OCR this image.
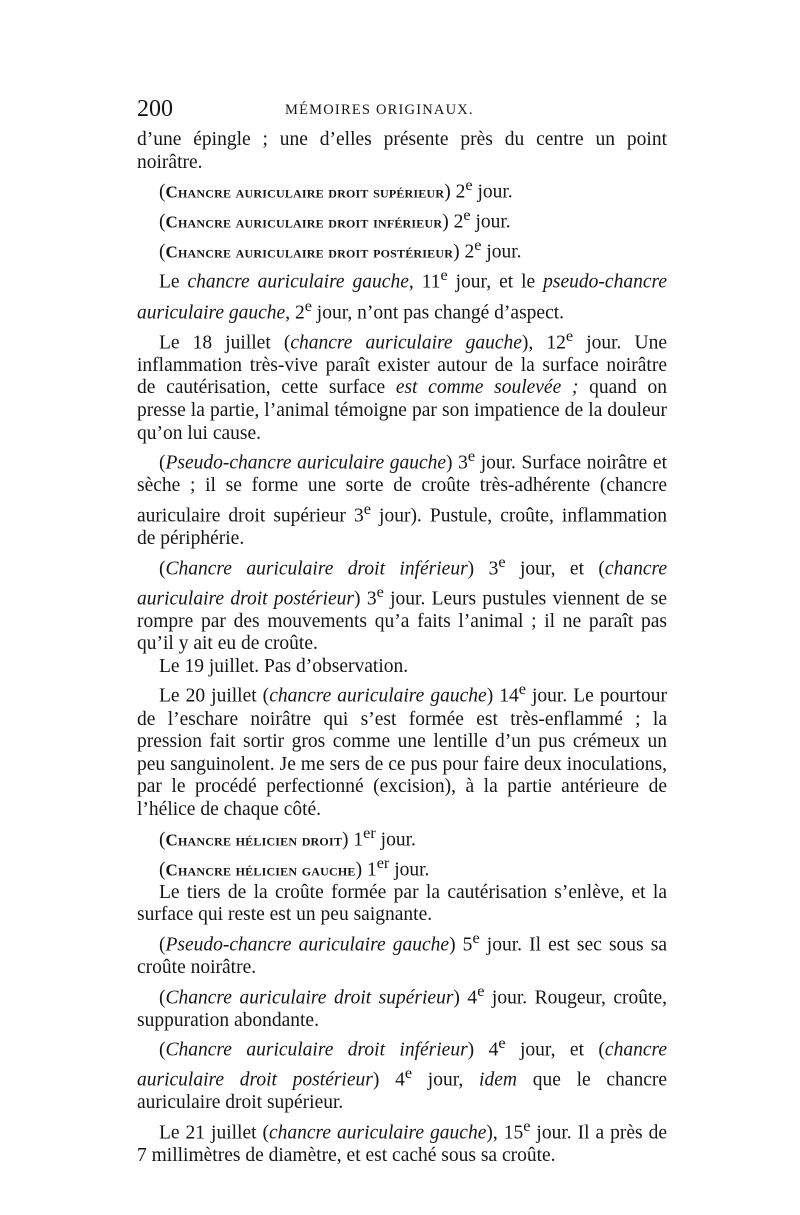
200	MÉMOIRES ORIGINAUX.

d’une épingle ; une d’elles présente près du centre un point noirâtre.

(Chancre auriculaire droit supérieur) 2e jour.

(Chancre auriculaire droit inférieur) 2e jour.

(Chancre auriculaire droit postérieur) 2e jour.

Le chancre auriculaire gauche, 11e jour, et le pseudo-chancre auriculaire gauche, 2e jour, n’ont pas changé d’aspect.

Le 18 juillet (chancre auriculaire gauche), 12e jour. Une inflammation très-vive paraît exister autour de la surface noirâtre de cautérisation, cette surface est comme soulevée ; quand on presse la partie, l’animal témoigne par son impatience de la douleur qu’on lui cause.

(Pseudo-chancre auriculaire gauche) 3e jour. Surface noirâtre et sèche ; il se forme une sorte de croûte très-adhérente (chancre auriculaire droit supérieur 3e jour). Pustule, croûte, inflammation de périphérie.

(Chancre auriculaire droit inférieur) 3e jour, et (chancre auriculaire droit postérieur) 3e jour. Leurs pustules viennent de se rompre par des mouvements qu’a faits l’animal ; il ne paraît pas qu’il y ait eu de croûte.

Le 19 juillet. Pas d’observation.

Le 20 juillet (chancre auriculaire gauche) 14e jour. Le pourtour de l’eschare noirâtre qui s’est formée est très-enflammé ; la pression fait sortir gros comme une lentille d’un pus crémeux un peu sanguinolent. Je me sers de ce pus pour faire deux inoculations, par le procédé perfectionné (excision), à la partie antérieure de l’hélice de chaque côté.

(Chancre hélicien droit) 1er jour.

(Chancre hélicien gauche) 1er jour.

Le tiers de la croûte formée par la cautérisation s’enlève, et la surface qui reste est un peu saignante.

(Pseudo-chancre auriculaire gauche) 5e jour. Il est sec sous sa croûte noirâtre.

(Chancre auriculaire droit supérieur) 4e jour. Rougeur, croûte, suppuration abondante.

(Chancre auriculaire droit inférieur) 4e jour, et (chancre auriculaire droit postérieur) 4e jour, idem que le chancre auriculaire droit supérieur.

Le 21 juillet (chancre auriculaire gauche), 15e jour. Il a près de 7 millimètres de diamètre, et est caché sous sa croûte.
